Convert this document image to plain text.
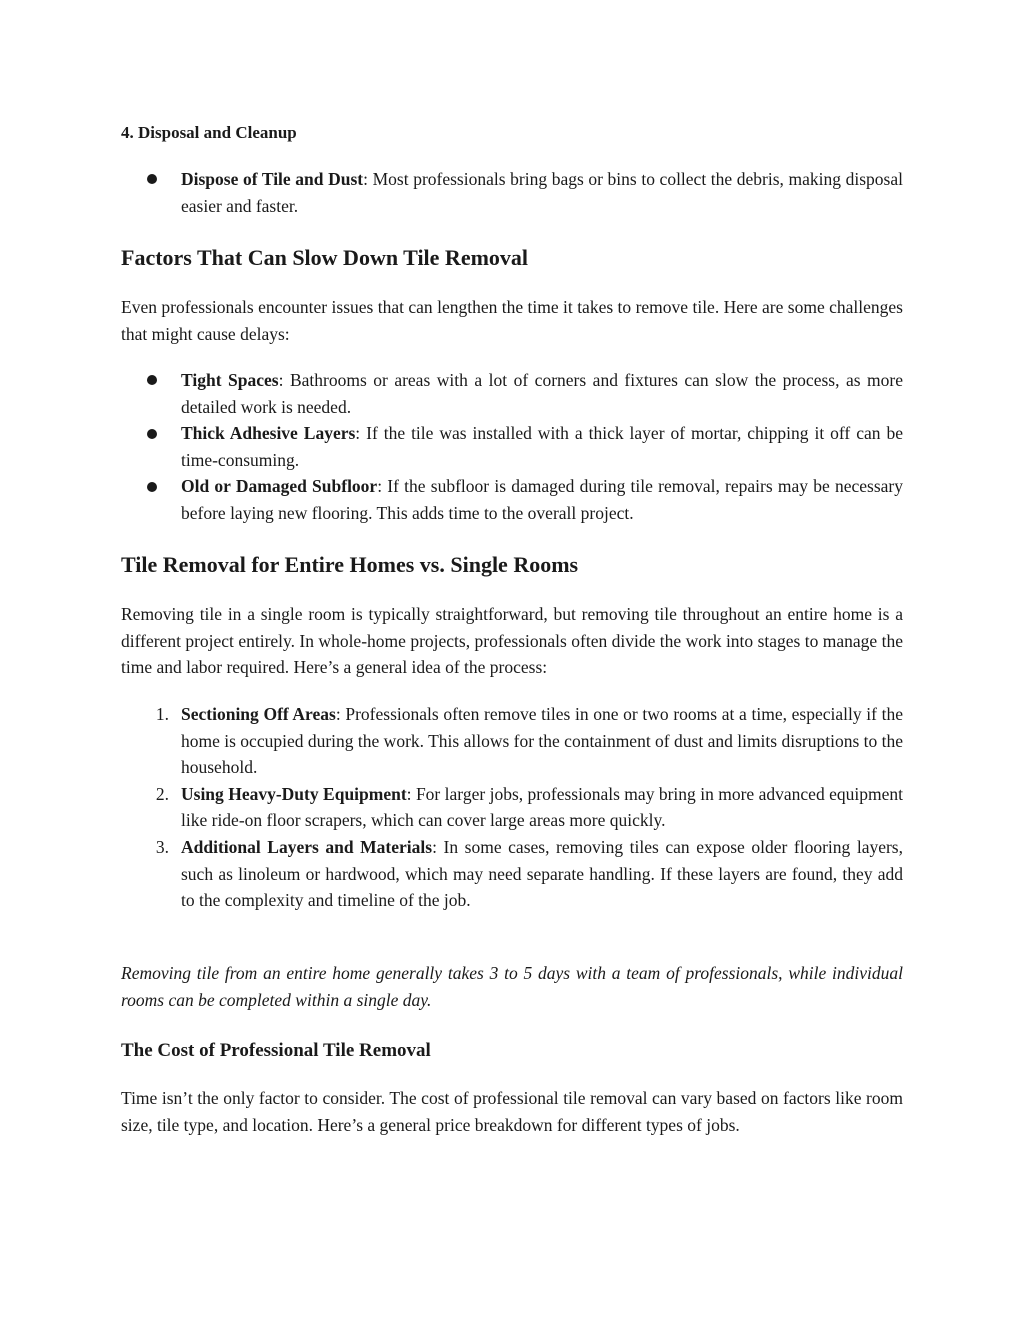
4. Disposal and Cleanup
Dispose of Tile and Dust: Most professionals bring bags or bins to collect the debris, making disposal easier and faster.
Factors That Can Slow Down Tile Removal

Even professionals encounter issues that can lengthen the time it takes to remove tile. Here are some challenges that might cause delays:

Tight Spaces: Bathrooms or areas with a lot of corners and fixtures can slow the process, as more detailed work is needed.
Thick Adhesive Layers: If the tile was installed with a thick layer of mortar, chipping it off can be time-consuming.
Old or Damaged Subfloor: If the subfloor is damaged during tile removal, repairs may be necessary before laying new flooring. This adds time to the overall project.
Tile Removal for Entire Homes vs. Single Rooms

Removing tile in a single room is typically straightforward, but removing tile throughout an entire home is a different project entirely. In whole-home projects, professionals often divide the work into stages to manage the time and labor required. Here’s a general idea of the process:

1. Sectioning Off Areas: Professionals often remove tiles in one or two rooms at a time, especially if the home is occupied during the work. This allows for the containment of dust and limits disruptions to the household.
2. Using Heavy-Duty Equipment: For larger jobs, professionals may bring in more advanced equipment like ride-on floor scrapers, which can cover large areas more quickly.
3. Additional Layers and Materials: In some cases, removing tiles can expose older flooring layers, such as linoleum or hardwood, which may need separate handling. If these layers are found, they add to the complexity and timeline of the job.

Removing tile from an entire home generally takes 3 to 5 days with a team of professionals, while individual rooms can be completed within a single day.

The Cost of Professional Tile Removal

Time isn’t the only factor to consider. The cost of professional tile removal can vary based on factors like room size, tile type, and location. Here’s a general price breakdown for different types of jobs.
